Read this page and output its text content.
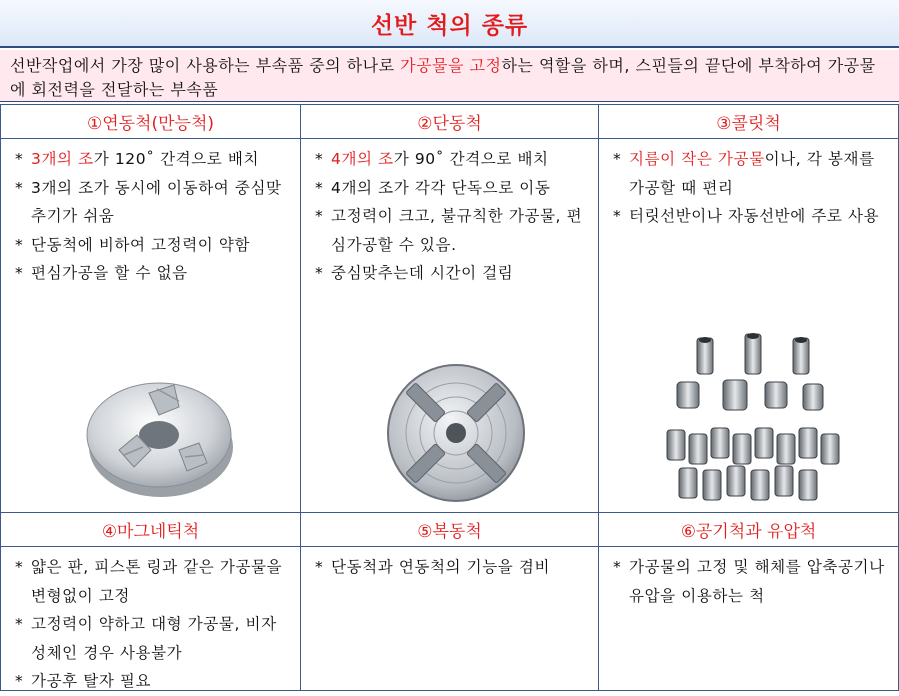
선반 척의 종류
선반작업에서 가장 많이 사용하는 부속품 중의 하나로 가공물을 고정하는 역할을 하며, 스핀들의 끝단에 부착하여 가공물에 회전력을 전달하는 부속품
①연동척(만능척)
* 3개의 조가 120˚ 간격으로 배치
* 3개의 조가 동시에 이동하여 중심맞추기가 쉬움
* 단동척에 비하여 고정력이 약함
* 편심가공을 할 수 없음
②단동척
* 4개의 조가 90˚ 간격으로 배치
* 4개의 조가 각각 단독으로 이동
* 고정력이 크고, 불규칙한 가공물, 편심가공할 수 있음.
* 중심맞추는데 시간이 걸림
③콜릿척
* 지름이 작은 가공물이나, 각 봉재를 가공할 때 편리
* 터릿선반이나 자동선반에 주로 사용
④마그네틱척
* 얇은 판, 피스톤 링과 같은 가공물을 변형없이 고정
* 고정력이 약하고 대형 가공물, 비자성체인 경우 사용불가
* 가공후 탈자 필요
⑤복동척
* 단동척과 연동척의 기능을 겸비
⑥공기척과 유압척
* 가공물의 고정 및 해체를 압축공기나 유압을 이용하는 척
